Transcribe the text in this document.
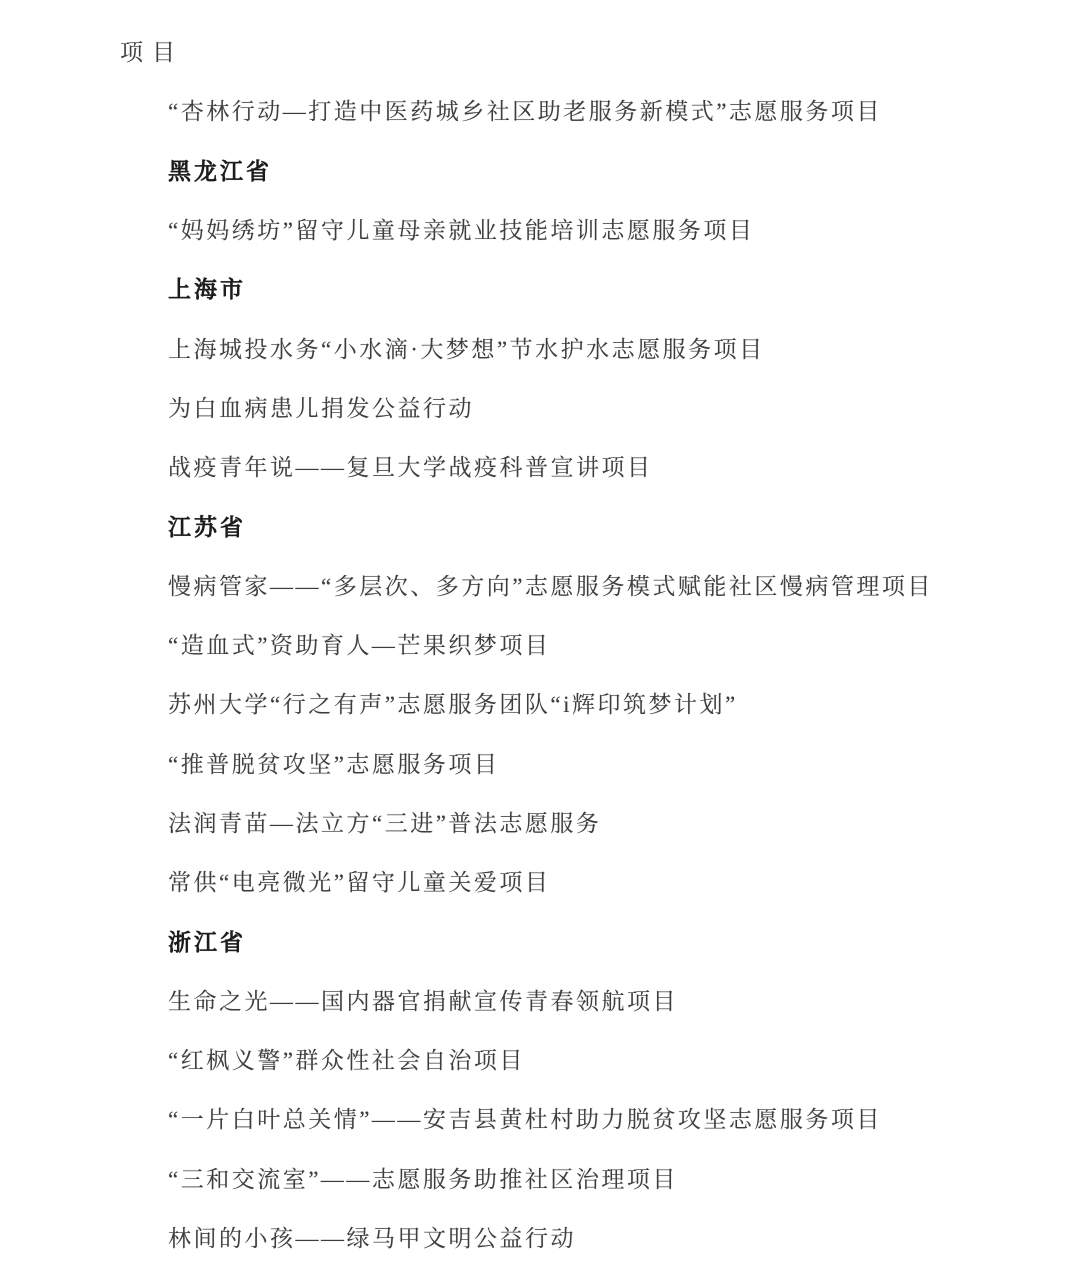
项目
“杏林行动—打造中医药城乡社区助老服务新模式”志愿服务项目
黑龙江省
“妈妈绣坊”留守儿童母亲就业技能培训志愿服务项目
上海市
上海城投水务“小水滴·大梦想”节水护水志愿服务项目
为白血病患儿捐发公益行动
战疫青年说——复旦大学战疫科普宣讲项目
江苏省
慢病管家——“多层次、多方向”志愿服务模式赋能社区慢病管理项目
“造血式”资助育人—芒果织梦项目
苏州大学“行之有声”志愿服务团队“i辉印筑梦计划”
“推普脱贫攻坚”志愿服务项目
法润青苗—法立方“三进”普法志愿服务
常供“电亮微光”留守儿童关爱项目
浙江省
生命之光——国内器官捐献宣传青春领航项目
“红枫义警”群众性社会自治项目
“一片白叶总关情”——安吉县黄杜村助力脱贫攻坚志愿服务项目
“三和交流室”——志愿服务助推社区治理项目
林间的小孩——绿马甲文明公益行动
